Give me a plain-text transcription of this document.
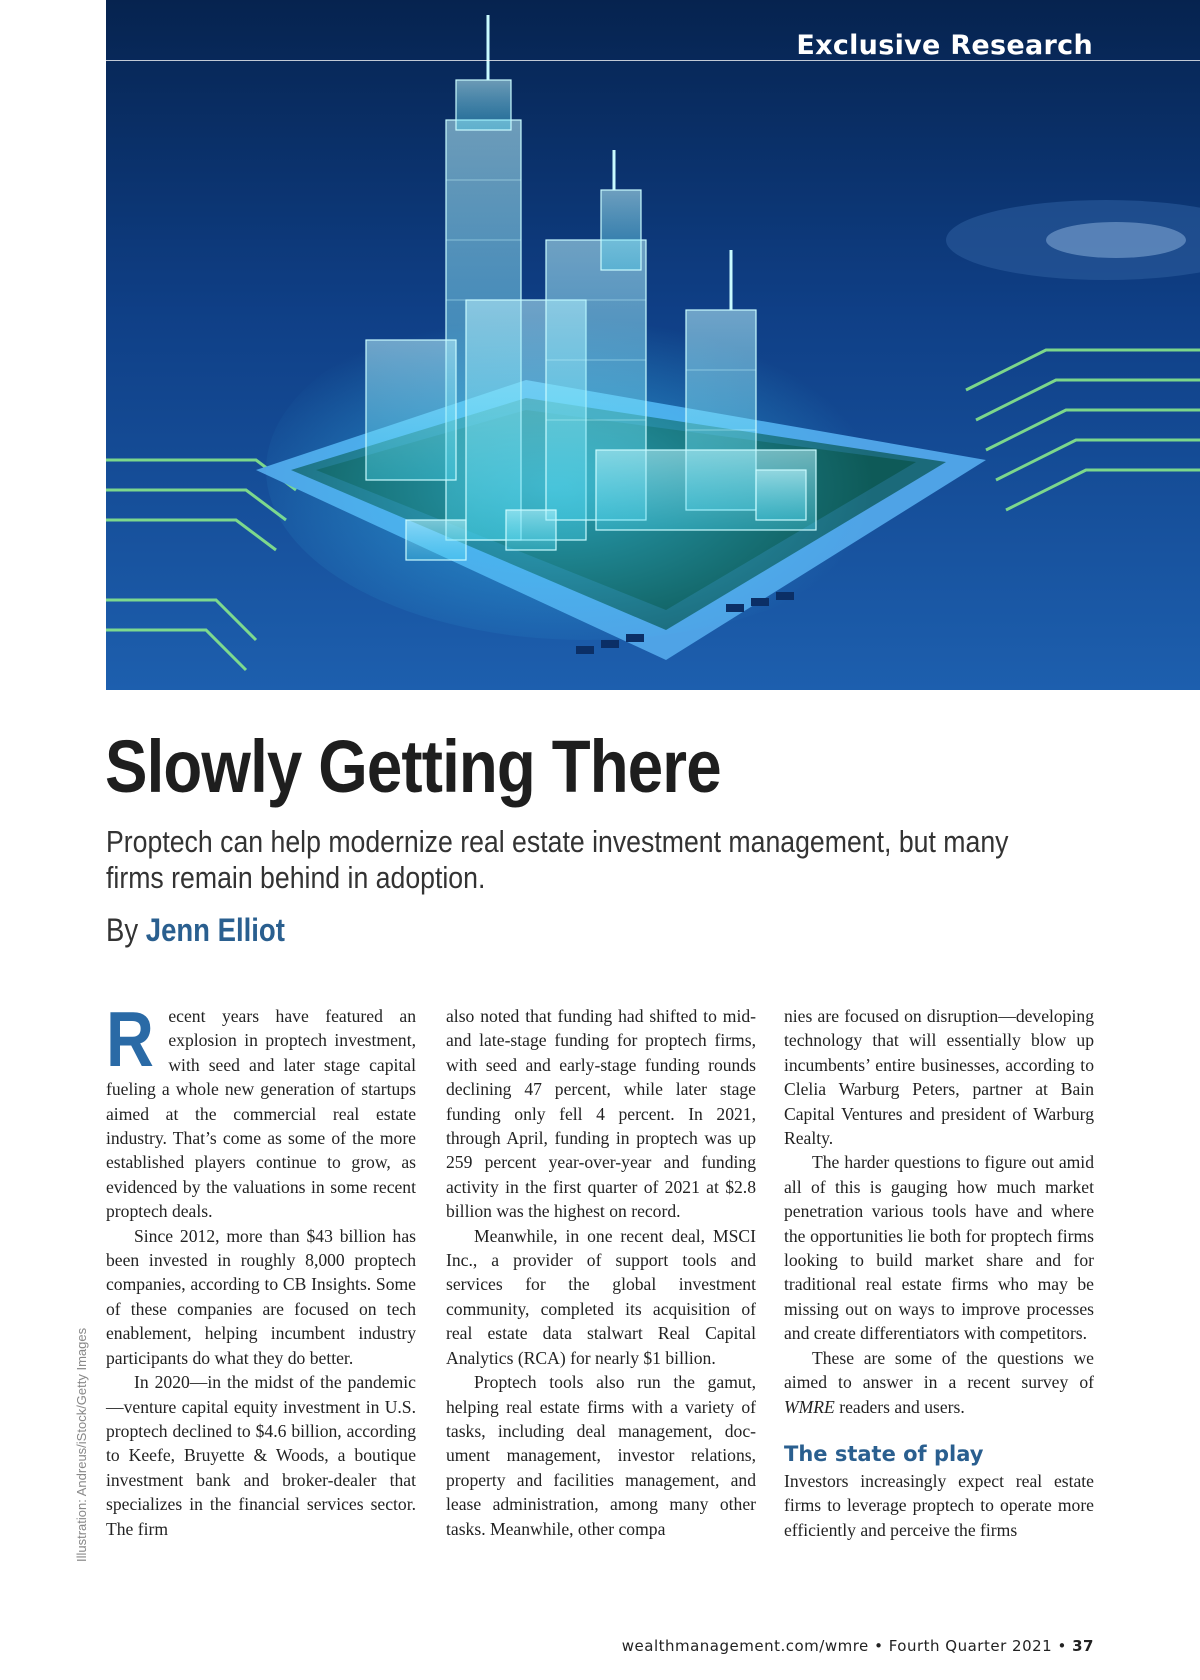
Exclusive Research
Slowly Getting There
Proptech can help modernize real estate investment management, but many firms remain behind in adoption.
By Jenn Elliot

Recent years have featured an explosion in proptech investment, with seed and later stage capital fueling a whole new generation of startups aimed at the commercial real estate industry. That’s come as some of the more established players continue to grow, as evidenced by the valuations in some recent proptech deals.

Since 2012, more than $43 billion has been invested in roughly 8,000 proptech companies, according to CB Insights. Some of these companies are focused on tech enablement, helping incumbent industry participants do what they do better.

In 2020—in the midst of the pandemic—venture capital equity investment in U.S. proptech declined to $4.6 billion, according to Keefe, Bruyette & Woods, a boutique investment bank and broker-dealer that specializes in the financial services sector. The firm

also noted that funding had shifted to mid- and late-stage funding for proptech firms, with seed and early-stage funding rounds declining 47 percent, while later stage funding only fell 4 percent. In 2021, through April, funding in proptech was up 259 percent year-over-year and funding activity in the first quarter of 2021 at $2.8 billion was the highest on record.

Meanwhile, in one recent deal, MSCI Inc., a provider of support tools and services for the global investment community, completed its acquisition of real estate data stalwart Real Capital Analytics (RCA) for nearly $1 billion.

Proptech tools also run the gamut, helping real estate firms with a variety of tasks, including deal management, document management, investor relations, property and facilities management, and lease administration, among many other tasks. Meanwhile, other compa

nies are focused on disruption—developing technology that will essentially blow up incumbents’ entire businesses, according to Clelia Warburg Peters, partner at Bain Capital Ventures and president of Warburg Realty.

The harder questions to figure out amid all of this is gauging how much market penetration various tools have and where the opportunities lie both for proptech firms looking to build market share and for traditional real estate firms who may be missing out on ways to improve processes and create differentiators with competitors.

These are some of the questions we aimed to answer in a recent survey of WMRE readers and users.

The state of play

Investors increasingly expect real estate firms to leverage proptech to operate more efficiently and perceive the firms

Illustration: Andreus/iStock/Getty Images
wealthmanagement.com/wmre • Fourth Quarter 2021 • 37
